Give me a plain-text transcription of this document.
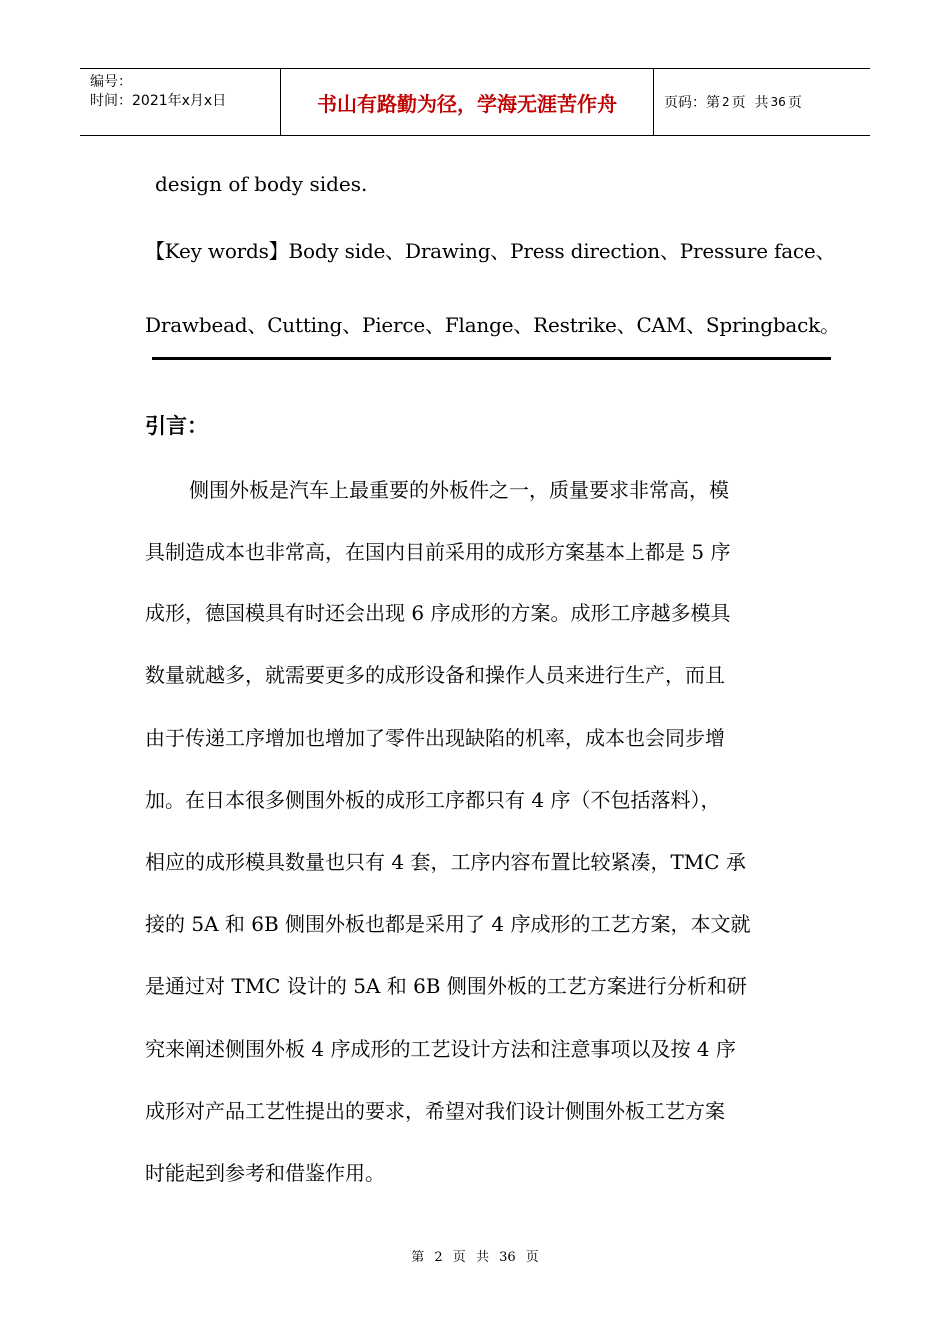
编号：
时间：2021年x月x日	书山有路勤为径，学海无涯苦作舟	页码：第 2 页  共 36 页
design of body sides.
【Key words】Body side、Drawing、Press direction、Pressure face、
Drawbead、Cutting、Pierce、Flange、Restrike、CAM、Springback。
引言：
侧围外板是汽车上最重要的外板件之一，质量要求非常高，模
具制造成本也非常高，在国内目前采用的成形方案基本上都是 5 序
成形，德国模具有时还会出现 6 序成形的方案。成形工序越多模具
数量就越多，就需要更多的成形设备和操作人员来进行生产，而且
由于传递工序增加也增加了零件出现缺陷的机率，成本也会同步增
加。在日本很多侧围外板的成形工序都只有 4 序（不包括落料），
相应的成形模具数量也只有 4 套，工序内容布置比较紧凑，TMC 承
接的 5A 和 6B 侧围外板也都是采用了 4 序成形的工艺方案，本文就
是通过对 TMC 设计的 5A 和 6B 侧围外板的工艺方案进行分析和研
究来阐述侧围外板 4 序成形的工艺设计方法和注意事项以及按 4 序
成形对产品工艺性提出的要求，希望对我们设计侧围外板工艺方案
时能起到参考和借鉴作用。
第 2 页 共 36 页
